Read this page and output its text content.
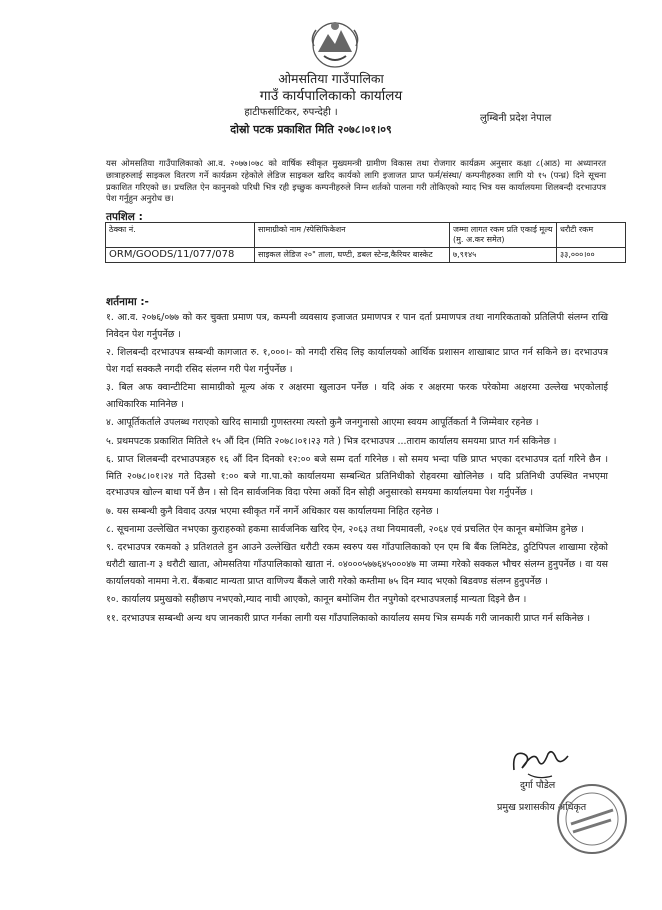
ओमसतिया गाउँपालिका
गाउँ कार्यपालिकाको कार्यालय
हाटीफर्साटिकर, रुपन्देही ।
लुम्बिनी प्रदेश नेपाल
दोस्रो पटक प्रकाशित मिति २०७८।०१।०९
यस ओमसतिया गाउँपालिकाको आ.व. २०७७।०७८ को वार्षिक स्वीकृत मुख्यमन्त्री ग्रामीण विकास तथा रोजगार कार्यक्रम अनुसार कक्षा ८(आठ) मा अध्यानरत छात्राहरुलाई साइकल वितरण गर्ने कार्यक्रम रहेकोले लेडिज साइकल खरिद कार्यको लागि इजाजत प्राप्त फर्म/संस्था/ कम्पनीहरुका लागि यो १५ (पन्ध्र) दिने सूचना प्रकाशित गरिएको छ। प्रचलित ऐन कानुनको परिधी भित्र रही इच्छुक कम्पनीहरुले निम्न शर्तको पालना गरी तोकिएको म्याद भित्र यस कार्यालयमा शिलबन्दी दरभाउपत्र पेश गर्नुहुन अनुरोध छ।
तपशिल :
ठेक्का नं.	सामाग्रीको नाम /स्पेसिफिकेशन	जम्मा लागत रकम प्रति एकाई मूल्य (मु. अ.कर समेत)	धरौटी रकम
ORM/GOODS/11/077/078	साइकल लेडिज २०" ताला, घण्टी, डबल स्टेन्ड,कैरियर बास्केट	७,९१४५	३३,०००।००
शर्तनामा :-

१. आ.व. २०७६/०७७ को कर चुक्ता प्रमाण पत्र, कम्पनी व्यवसाय इजाजत प्रमाणपत्र र पान दर्ता प्रमाणपत्र तथा नागरिकताको प्रतिलिपी संलग्न राखि निवेदन पेश गर्नुपर्नेछ ।

२. शिलबन्दी दरभाउपत्र सम्बन्धी कागजात रु. १,०००।- को नगदी रसिद लिइ कार्यालयको आर्थिक प्रशासन शाखाबाट प्राप्त गर्न सकिने छ। दरभाउपत्र पेश गर्दा सक्कलै नगदी रसिद संलग्न गरी पेश गर्नुपर्नेछ ।

३. बिल अफ क्वान्टीटिमा सामाग्रीको मूल्य अंक र अक्षरमा खुलाउन पर्नेछ । यदि अंक र अक्षरमा फरक परेकोमा अक्षरमा उल्लेख भएकोलाई आधिकारिक मानिनेछ ।

४. आपूर्तिकर्ताले उपलब्ध गराएको खरिद सामाग्री गुणस्तरमा त्यस्तो कुनै जनगुनासो आएमा स्वयम आपूर्तिकर्ता नै जिम्मेवार रहनेछ ।

५. प्रथमपटक प्रकाशित मितिले १५ औं दिन (मिति २०७८।०१।२३ गते ) भित्र दरभाउपत्र ...ताराम कार्यालय समयमा प्राप्त गर्न सकिनेछ ।

६. प्राप्त शिलबन्दी दरभाउपत्रहरु १६ औं दिन दिनको १२:०० बजे सम्म दर्ता गरिनेछ । सो समय भन्दा पछि प्राप्त भएका दरभाउपत्र दर्ता गरिने छैन । मिति २०७८।०१।२४ गते दिउसो १:०० बजे गा.पा.को कार्यालयमा सम्बन्धित प्रतिनिधीको रोहवरमा खोलिनेछ । यदि प्रतिनिधी उपस्थित नभएमा दरभाउपत्र खोल्न बाधा पर्ने छैन । सो दिन सार्वजनिक विदा परेमा अर्को दिन सोही अनुसारको समयमा कार्यालयमा पेश गर्नुपर्नेछ ।

७. यस सम्बन्धी कुनै विवाद उत्पन्न भएमा स्वीकृत गर्ने नगर्ने अधिकार यस कार्यालयमा निहित रहनेछ ।

८. सूचनामा उल्लेखित नभएका कुराहरुको हकमा सार्वजनिक खरिद ऐन, २०६३ तथा नियमावली, २०६४ एवं प्रचलित ऐन कानून बमोजिम हुनेछ ।

९. दरभाउपत्र रकमको ३ प्रतिशतले हुन आउने उल्लेखित धरौटी रकम स्वरुप यस गाँउपालिकाको एन एम बि बैंक लिमिटेड, ठुटिपिपल शाखामा रहेको धरौटी खाता-ग ३ धरौटी खाता, ओमसतिया गाँउपालिकाको खाता नं. ०४०००५७७६४५०००४७ मा जम्मा गरेको सक्कल भौचर संलग्न हुनुपर्नेछ । वा यस कार्यालयको नाममा ने.रा. बैंकबाट मान्यता प्राप्त वाणिज्य बैंकले जारी गरेको कम्तीमा ७५ दिन म्याद भएको बिडवण्ड संलग्न हुनुपर्नेछ ।

१०. कार्यालय प्रमुखको सहीछाप नभएको,म्याद नाघी आएको, कानून बमोजिम रीत नपुगेको दरभाउपत्रलाई मान्यता दिइने छैन ।

११. दरभाउपत्र सम्बन्धी अन्य थप जानकारी प्राप्त गर्नका लागी यस गाँउपालिकाको कार्यालय समय भित्र सम्पर्क गरी जानकारी प्राप्त गर्न सकिनेछ ।

दुर्गा पौडेल
प्रमुख प्रशासकीय अधिकृत
